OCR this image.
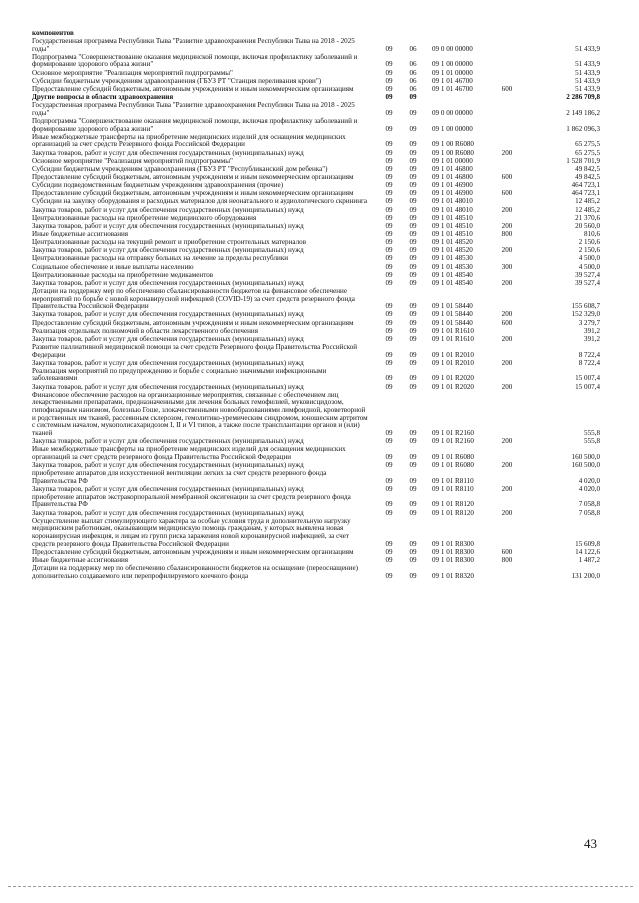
компонентов
Государственная программа Республики Тыва "Развитие здравоохранения Республики Тыва на 2018 - 2025 годы"	09	06	09 0 00 00000	51 433,9
Подпрограмма "Совершенствование оказания медицинской помощи, включая профилактику заболеваний и формирование здорового образа жизни"	09	06	09 1 00 00000	51 433,9
Основное мероприятие "Реализация мероприятий подпрограммы"	09	06	09 1 01 00000	51 433,9
Субсидии бюджетным учреждениям здравоохранения (ГБУЗ РТ "Станция переливания крови")	09	06	09 1 01 46700	51 433,9
Предоставление субсидий бюджетным, автономным учреждениям и иным некоммерческим организациям	09	06	09 1 01 46700	600	51 433,9
Другие вопросы в области здравоохранения	09	09	2 286 709,8
Государственная программа Республики Тыва "Развитие здравоохранения Республики Тыва на 2018 - 2025 годы"	09	09	09 0 00 00000	2 149 186,2
Подпрограмма "Совершенствование оказания медицинской помощи, включая профилактику заболеваний и формирование здорового образа жизни"	09	09	09 1 00 00000	1 862 096,3
Иные межбюджетные трансферты на приобретение медицинских изделий для оснащения медицинских организаций за счет средств Резервного фонда Российской Федерации	09	09	09 1 00 R6080	65 275,5
Закупка товаров, работ и услуг для обеспечения государственных (муниципальных) нужд	09	09	09 1 00 R6080	200	65 275,5
Основное мероприятие "Реализация мероприятий подпрограммы"	09	09	09 1 01 00000	1 528 701,9
Субсидии бюджетным учреждениям здравоохранения (ГБУЗ РТ "Республиканский дом ребенка")	09	09	09 1 01 46800	49 842,5
Предоставление субсидий бюджетным, автономным учреждениям и иным некоммерческим организациям	09	09	09 1 01 46800	600	49 842,5
Субсидии подведомственным бюджетным учреждениям здравоохранения (прочие)	09	09	09 1 01 46900	464 723,1
Предоставление субсидий бюджетным, автономным учреждениям и иным некоммерческим организациям	09	09	09 1 01 46900	600	464 723,1
Субсидии на закупку оборудования и расходных материалов для неонатального и аудиологического скрининга	09	09	09 1 01 48010	12 485,2
Закупка товаров, работ и услуг для обеспечения государственных (муниципальных) нужд	09	09	09 1 01 48010	200	12 485,2
Централизованные расходы на приобретение медицинского оборудования	09	09	09 1 01 48510	21 370,6
Закупка товаров, работ и услуг для обеспечения государственных (муниципальных) нужд	09	09	09 1 01 48510	200	20 560,0
Иные бюджетные ассигнования	09	09	09 1 01 48510	800	810,6
Централизованные расходы на текущий ремонт и приобретение строительных материалов	09	09	09 1 01 48520	2 150,6
Закупка товаров, работ и услуг для обеспечения государственных (муниципальных) нужд	09	09	09 1 01 48520	200	2 150,6
Централизованные расходы на отправку больных на лечение за пределы республики	09	09	09 1 01 48530	4 500,0
Социальное обеспечение и иные выплаты населению	09	09	09 1 01 48530	300	4 500,0
Централизованные расходы на приобретение медикаментов	09	09	09 1 01 48540	39 527,4
Закупка товаров, работ и услуг для обеспечения государственных (муниципальных) нужд	09	09	09 1 01 48540	200	39 527,4
Дотации на поддержку мер по обеспечению сбалансированности бюджетов на финансовое обеспечение мероприятий по борьбе с новой коронавирусной инфекцией (COVID-19) за счет средств резервного фонда Правительства Российской Федерации	09	09	09 1 01 58440	155 608,7
Закупка товаров, работ и услуг для обеспечения государственных (муниципальных) нужд	09	09	09 1 01 58440	200	152 329,0
Предоставление субсидий бюджетным, автономным учреждениям и иным некоммерческим организациям	09	09	09 1 01 58440	600	3 279,7
Реализация отдельных полномочий в области лекарственного обеспечения	09	09	09 1 01 R1610	391,2
Закупка товаров, работ и услуг для обеспечения государственных (муниципальных) нужд	09	09	09 1 01 R1610	200	391,2
Развитие паллиативной медицинской помощи за счет средств Резервного фонда Правительства Российской Федерации	09	09	09 1 01 R2010	8 722,4
Закупка товаров, работ и услуг для обеспечения государственных (муниципальных) нужд	09	09	09 1 01 R2010	200	8 722,4
Реализация мероприятий по предупреждению и борьбе с социально значимыми инфекционными заболеваниями	09	09	09 1 01 R2020	15 007,4
Закупка товаров, работ и услуг для обеспечения государственных (муниципальных) нужд	09	09	09 1 01 R2020	200	15 007,4
Финансовое обеспечение расходов на организационные мероприятия, связанные с обеспечением лиц лекарственными препаратами, предназначенными для лечения больных гемофилией, муковисцидозом, гипофизарным нанизмом, болезнью Гоше, злокачественными новообразованиями лимфоидной, кроветворной и родственных им тканей, рассеянным склерозом, гемолитико-уремическим синдромом, юношеским артритом с системным началом, мукополисахаридозом I, II и VI типов, а также после трансплантации органов и (или) тканей	09	09	09 1 01 R2160	555,8
Закупка товаров, работ и услуг для обеспечения государственных (муниципальных) нужд	09	09	09 1 01 R2160	200	555,8
Иные межбюджетные трансферты на приобретение медицинских изделий для оснащения медицинских организаций за счет средств резервного фонда Правительства Российской Федерации	09	09	09 1 01 R6080	160 500,0
Закупка товаров, работ и услуг для обеспечения государственных (муниципальных) нужд	09	09	09 1 01 R6080	200	160 500,0
приобретение аппаратов для искусственной вентиляции легких за счет средств резервного фонда Правительства РФ	09	09	09 1 01 R8110	4 020,0
Закупка товаров, работ и услуг для обеспечения государственных (муниципальных) нужд	09	09	09 1 01 R8110	200	4 020,0
приобретение аппаратов экстракорпоральной мембранной оксигенации за счет средств резервного фонда Правительства РФ	09	09	09 1 01 R8120	7 058,8
Закупка товаров, работ и услуг для обеспечения государственных (муниципальных) нужд	09	09	09 1 01 R8120	200	7 058,8
Осуществление выплат стимулирующего характера за особые условия труда и дополнительную нагрузку медицинским работникам, оказывающим медицинскую помощь гражданам, у которых выявлена новая коронавирусная инфекция, и лицам из групп риска заражения новой коронавирусной инфекцией, за счет средств резервного фонда Правительства Российской Федерации	09	09	09 1 01 R8300	15 609,8
Предоставление субсидий бюджетным, автономным учреждениям и иным некоммерческим организациям	09	09	09 1 01 R8300	600	14 122,6
Иные бюджетные ассигнования	09	09	09 1 01 R8300	800	1 487,2
Дотации на поддержку мер по обеспечению сбалансированности бюджетов на оснащение (переоснащение) дополнительно создаваемого или перепрофилируемого коечного фонда	09	09	09 1 01 R8320	131 200,0
43
